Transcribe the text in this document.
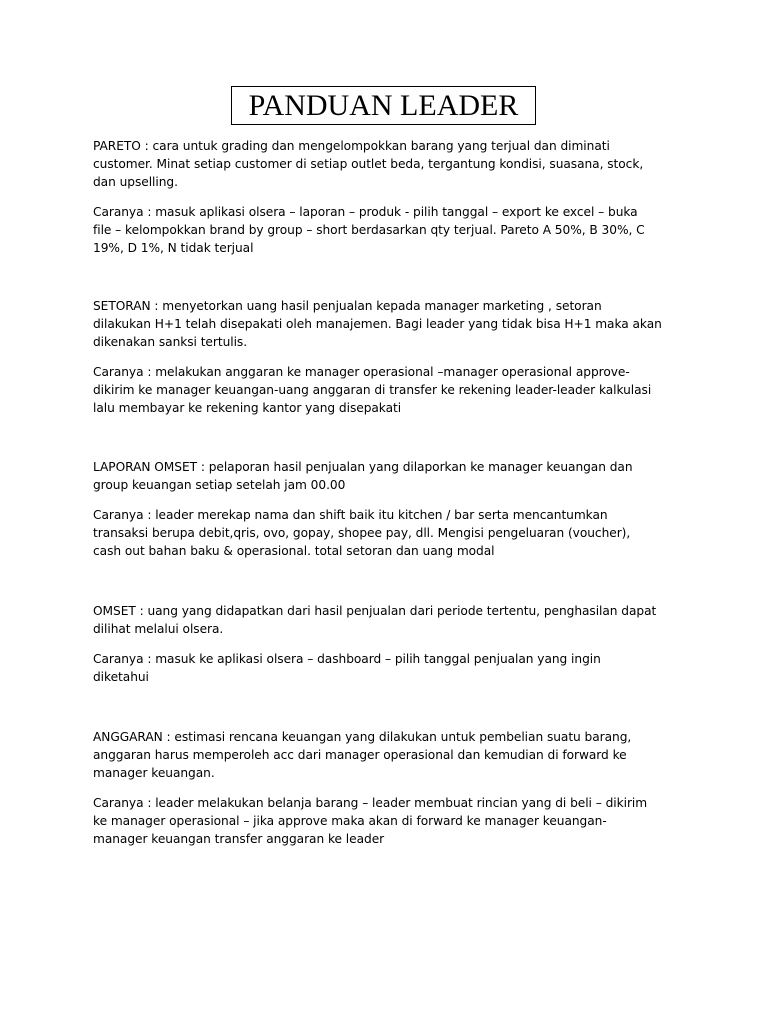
PANDUAN LEADER

PARETO : cara untuk grading dan mengelompokkan barang yang terjual dan diminati
customer. Minat setiap customer di setiap outlet beda, tergantung kondisi, suasana, stock,
dan upselling.

Caranya : masuk aplikasi olsera – laporan – produk - pilih tanggal – export ke excel – buka
file – kelompokkan brand by group – short berdasarkan qty terjual. Pareto A 50%, B 30%, C
19%, D 1%, N tidak terjual

SETORAN : menyetorkan uang hasil penjualan kepada manager marketing , setoran
dilakukan H+1 telah disepakati oleh manajemen. Bagi leader yang tidak bisa H+1 maka akan
dikenakan sanksi tertulis.

Caranya : melakukan anggaran ke manager operasional –manager operasional approve-
dikirim ke manager keuangan-uang anggaran di transfer ke rekening leader-leader kalkulasi
lalu membayar ke rekening kantor yang disepakati

LAPORAN OMSET : pelaporan hasil penjualan yang dilaporkan ke manager keuangan dan
group keuangan setiap setelah jam 00.00

Caranya : leader merekap nama dan shift baik itu kitchen / bar serta mencantumkan
transaksi berupa debit,qris, ovo, gopay, shopee pay, dll. Mengisi pengeluaran (voucher),
cash out bahan baku & operasional. total setoran dan uang modal

OMSET : uang yang didapatkan dari hasil penjualan dari periode tertentu, penghasilan dapat
dilihat melalui olsera.

Caranya : masuk ke aplikasi olsera – dashboard – pilih tanggal penjualan yang ingin
diketahui

ANGGARAN : estimasi rencana keuangan yang dilakukan untuk pembelian suatu barang,
anggaran harus memperoleh acc dari manager operasional dan kemudian di forward ke
manager keuangan.

Caranya : leader melakukan belanja barang – leader membuat rincian yang di beli – dikirim
ke manager operasional – jika approve maka akan di forward ke manager keuangan-
manager keuangan transfer anggaran ke leader
